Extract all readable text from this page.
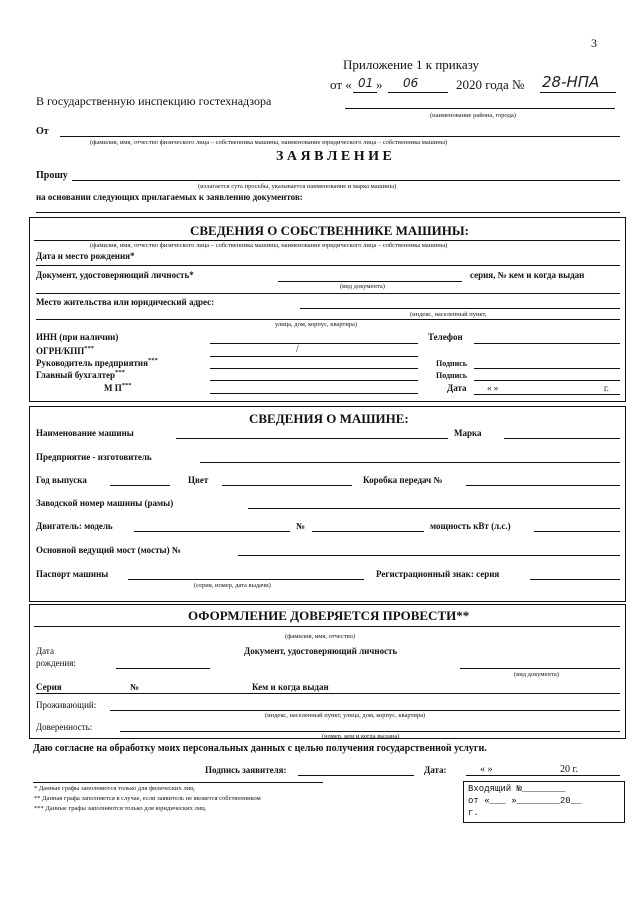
3
Приложение 1 к приказу
от « 01 » 06	2020 года № 28-НПА
В государственную инспекцию гостехнадзора
(наименование района, города)
От
(фамилия, имя, отчество физического лица – собственника машины, наименование юридического лица – собственника машины)
З А Я В Л Е Н И Е
Прошу
(излагается суть просьбы, указывается наименование и марка машины)
на основании следующих прилагаемых к заявлению документов:
СВЕДЕНИЯ О СОБСТВЕННИКЕ МАШИНЫ:
(фамилия, имя, отчество физического лица – собственника машины, наименование юридического лица – собственника машины)
Дата и место рождения*
Документ, удостоверяющий личность*	серия, № кем и когда выдан
(вид документа)
Место жительства или юридический адрес:
(индекс, населенный пункт,
улица, дом, корпус, квартира)
ИНН (при наличии)	Телефон
ОГРН/КПП***	/
Руководитель предприятия***	Подпись
Главный бухгалтер***	Подпись
М П***	Дата « »	г.
СВЕДЕНИЯ О МАШИНЕ:
Наименование машины	Марка
Предприятие - изготовитель
Год выпуска	Цвет	Коробка передач №
Заводской номер машины (рамы)
Двигатель: модель	№	мощность кВт (л.с.)
Основной ведущий мост (мосты) №
Паспорт машины
(серия, номер, дата выдачи)
Регистрационный знак: серия
ОФОРМЛЕНИЕ ДОВЕРЯЕТСЯ ПРОВЕСТИ**
(фамилия, имя, отчество)
Дата
рождения:
Документ, удостоверяющий личность
(вид документа)
Серия	№	Кем и когда выдан
Проживающий:
(индекс, населенный пункт, улица, дом, корпус, квартира)
Доверенность:
(номер, кем и когда выдана)
Даю согласие на обработку моих персональных данных с целью получения государственной услуги.
Подпись заявителя:	Дата:	« »	20 г.
* Данные графы заполняются только для физических лиц.
** Данная графа заполняется в случае, если заявитель не является собственником
*** Данные графы заполняются только для юридических лиц.
Входящий №________
от «___ »________20__
г.
